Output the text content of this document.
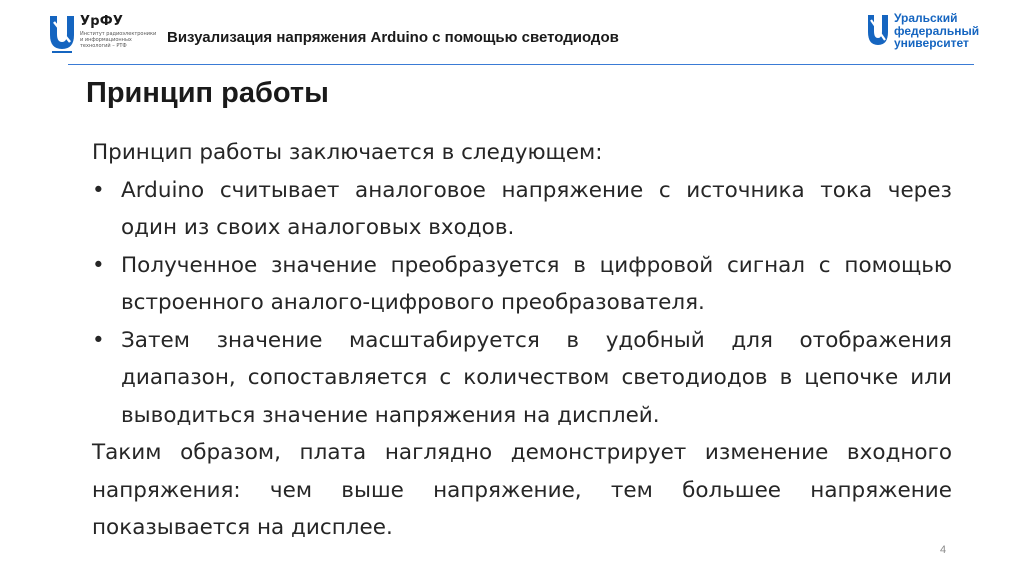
УрФУ
Институт радиоэлектроники и информационных технологий – РТФ	Визуализация напряжения Arduino с помощью светодиодов
Уральский
федеральный
университет
Принцип работы

Принцип работы заключается в следующем:

• Arduino считывает аналоговое напряжение с источника тока через один из своих аналоговых входов.
• Полученное значение преобразуется в цифровой сигнал с помощью встроенного аналого-цифрового преобразователя.
• Затем значение масштабируется в удобный для отображения диапазон, сопоставляется с количеством светодиодов в цепочке или выводиться значение напряжения на дисплей.

Таким образом, плата наглядно демонстрирует изменение входного напряжения: чем выше напряжение, тем большее напряжение показывается на дисплее.

4
